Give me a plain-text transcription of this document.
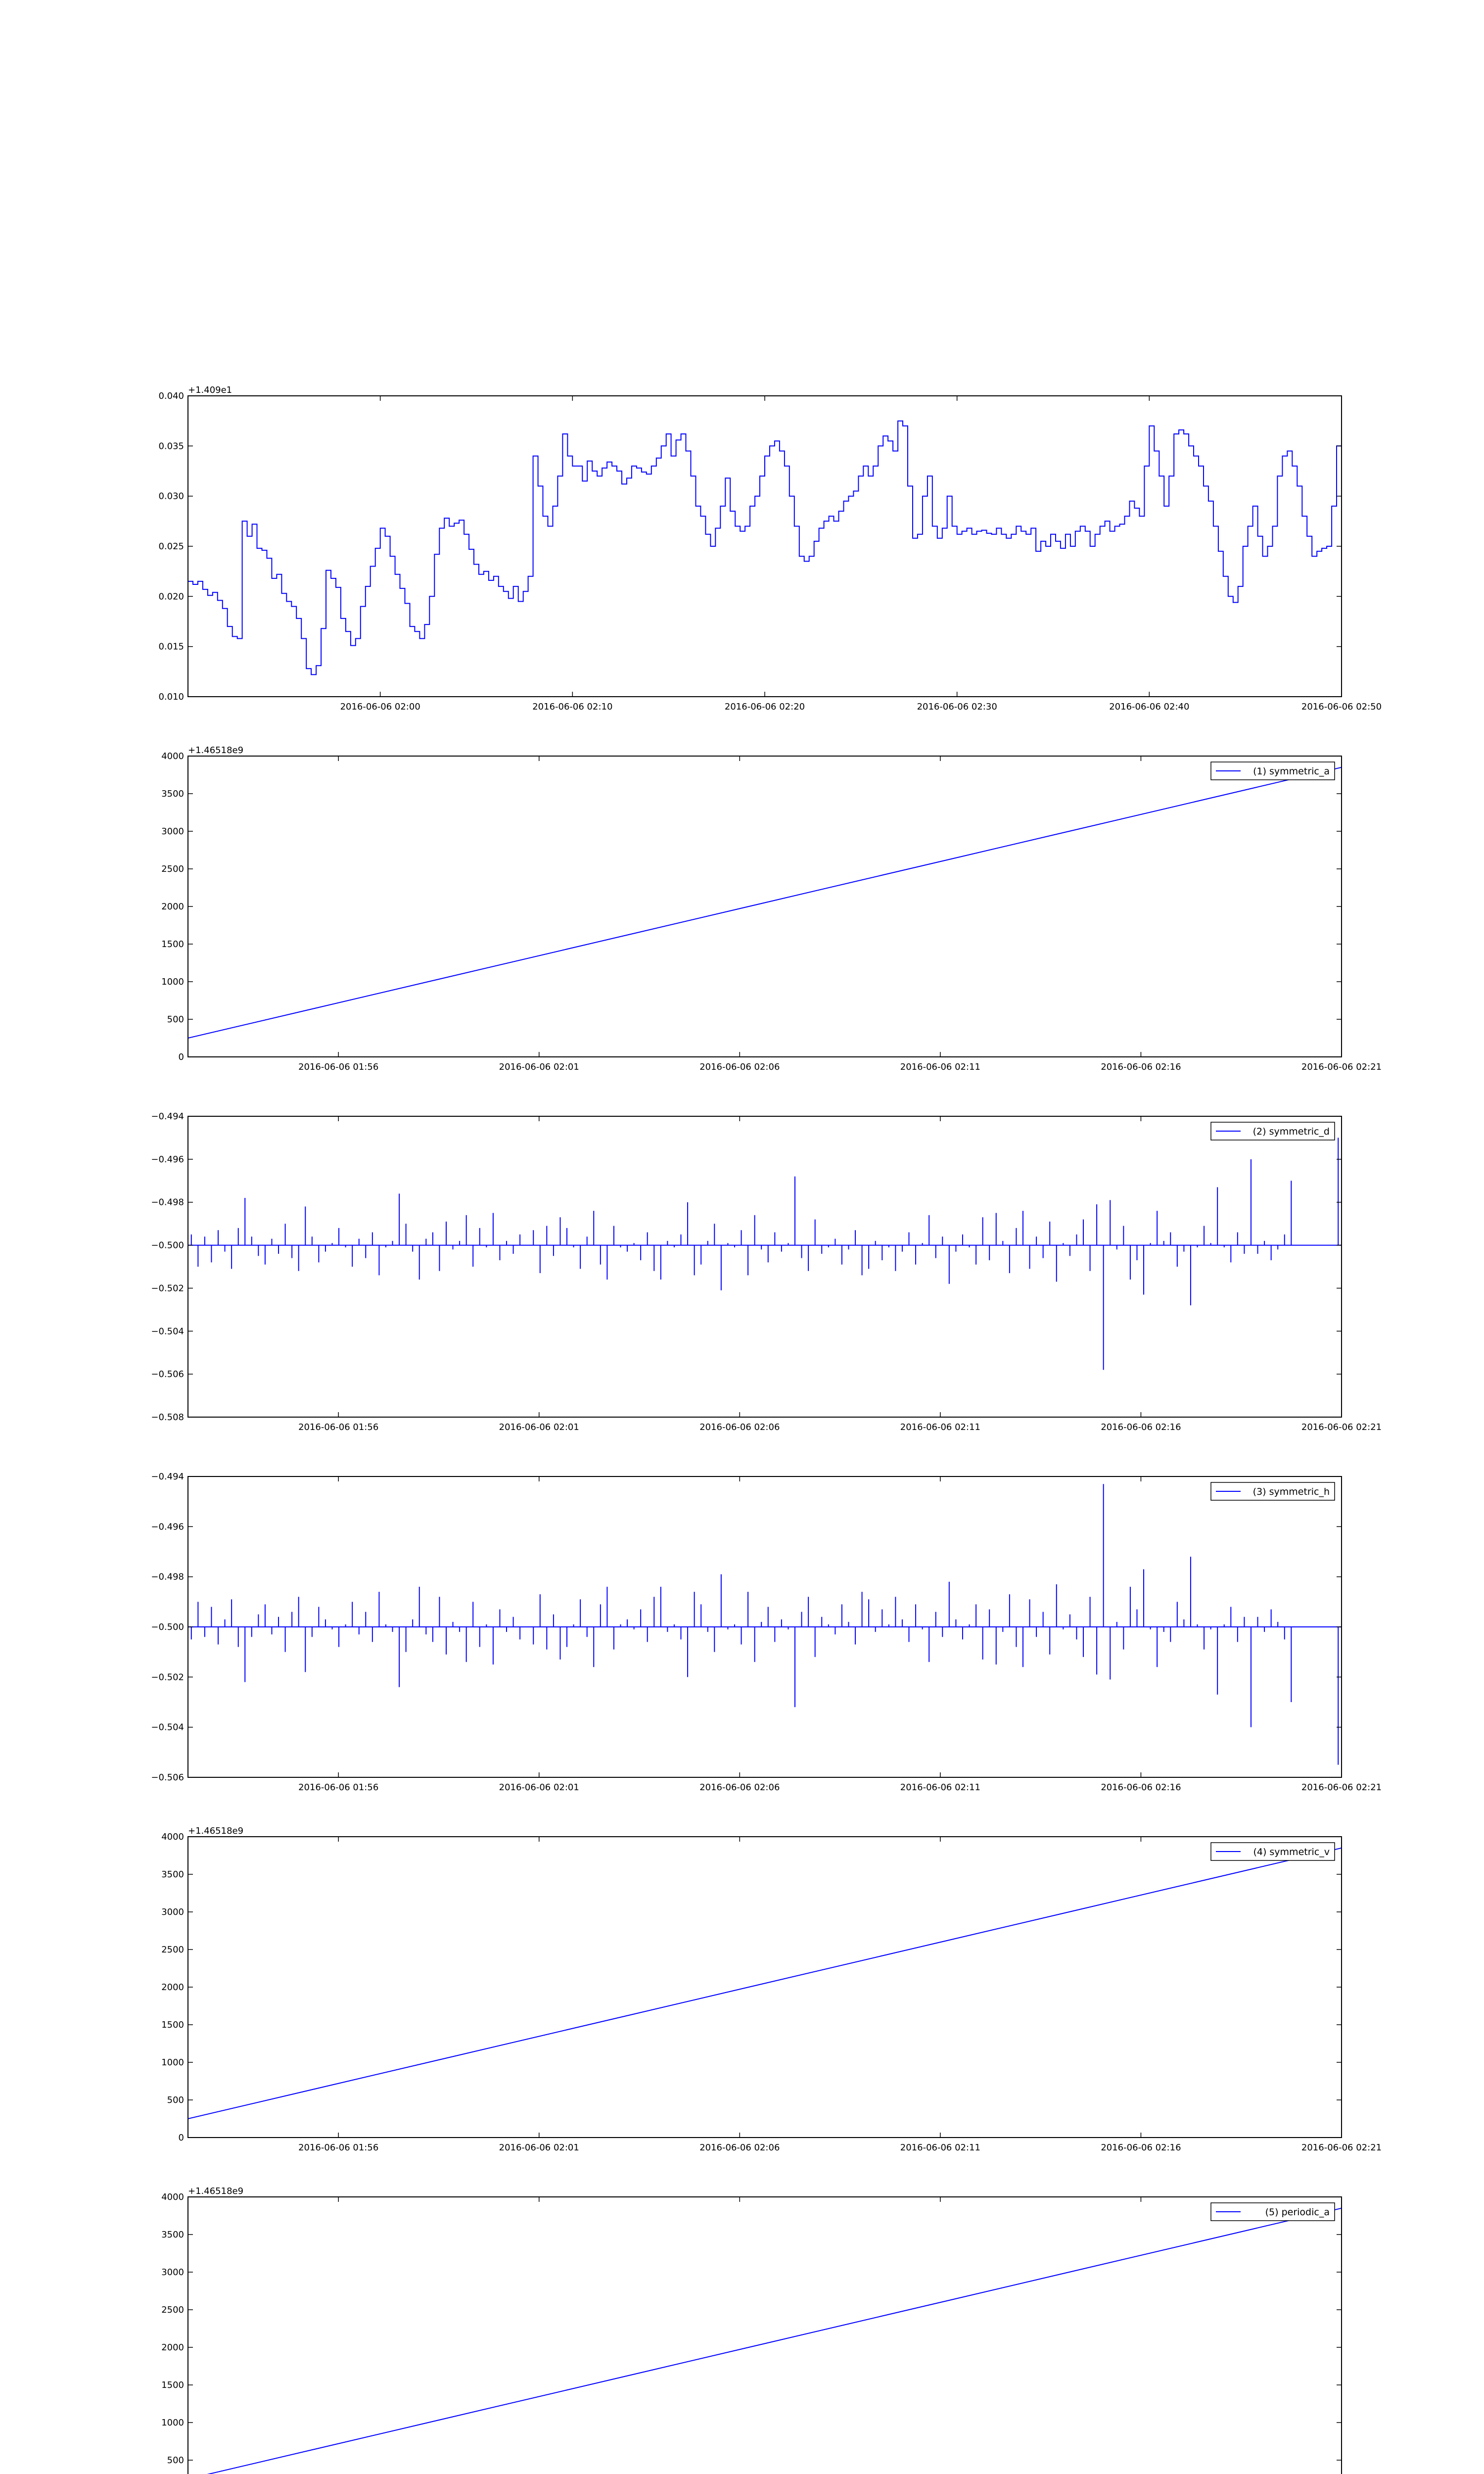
0.010
0.015
0.020
0.025
0.030
0.035
0.040
2016-06-06 02:00	2016-06-06 02:10	2016-06-06 02:20	2016-06-06 02:30	2016-06-06 02:40	2016-06-06 02:50
+1.409e1
0
500
1000
1500
2000
2500
3000
3500
4000
2016-06-06 01:56	2016-06-06 02:01	2016-06-06 02:06	2016-06-06 02:11	2016-06-06 02:16	2016-06-06 02:21
+1.46518e9
(1) symmetric_a
−0.508
−0.506
−0.504
−0.502
−0.500
−0.498
−0.496
−0.494
2016-06-06 01:56	2016-06-06 02:01	2016-06-06 02:06	2016-06-06 02:11	2016-06-06 02:16	2016-06-06 02:21
(2) symmetric_d
−0.506
−0.504
−0.502
−0.500
−0.498
−0.496
−0.494
2016-06-06 01:56	2016-06-06 02:01	2016-06-06 02:06	2016-06-06 02:11	2016-06-06 02:16	2016-06-06 02:21
(3) symmetric_h
0
500
1000
1500
2000
2500
3000
3500
4000
2016-06-06 01:56	2016-06-06 02:01	2016-06-06 02:06	2016-06-06 02:11	2016-06-06 02:16	2016-06-06 02:21
+1.46518e9
(4) symmetric_v
500
1000
1500
2000
2500
3000
3500
4000
+1.46518e9
(5) periodic_a
